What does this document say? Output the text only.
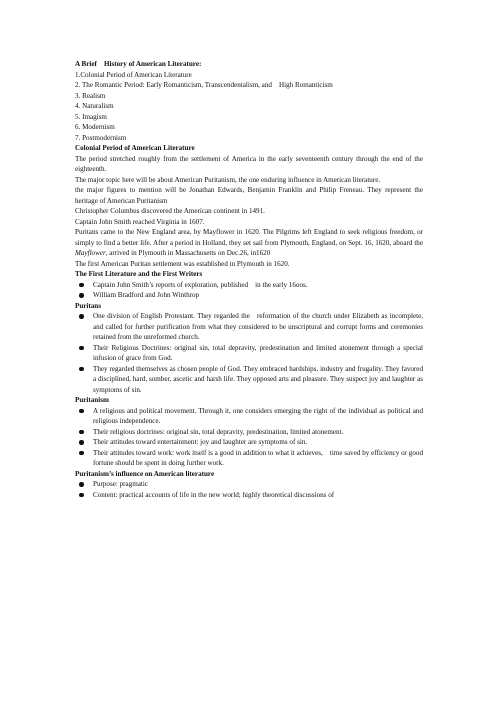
A Brief History of American Literature:
1.Colonial Period of American Literature
2. The Romantic Period: Early Romanticism, Transcendentalism, and High Romanticism
3. Realism
4. Naturalism
5. Imagism
6. Modernism
7. Postmodernism
Colonial Period of American Literature

The period stretched roughly from the settlement of America in the early seventeenth century through the end of the eighteenth.

The major topic here will be about American Puritanism, the one enduring influence in American literature.

the major figures to mention will be Jonathan Edwards, Benjamin Franklin and Philip Freneau. They represent the heritage of American Puritanism

Christopher Columbus discovered the American continent in 1491.
Captain John Smith reached Virginia in 1607.

Puritans came to the New England area, by Mayflower in 1620. The Pilgrims left England to seek religious freedom, or simply to find a better life. After a period in Holland, they set sail from Plymouth, England, on Sept. 16, 1620, aboard the Mayflower, arrived in Plymouth in Massachusetts on Dec.26, in1620

The first American Puritan settlement was established in Plymouth in 1620.
The First Literature and the First Writers
Captain John Smith’s reports of exploration, published in the early 16oos.
William Bradford and John Winthrop
Puritans
One division of English Protestant. They regarded the reformation of the church under Elizabeth as incomplete, and called for further purification from what they considered to be unscriptural and corrupt forms and ceremonies retained from the unreformed church.
Their Religious Doctrines: original sin, total depravity, predestination and limited atonement through a special infusion of grace from God.
They regarded themselves as chosen people of God. They embraced hardships, industry and frugality. They favored a disciplined, hard, somber, ascetic and harsh life. They opposed arts and pleasure. They suspect joy and laughter as symptoms of sin.
Puritanism
A religious and political movement. Through it, one considers emerging the right of the individual as political and religious independence.
Their religious doctrines: original sin, total depravity, predestination, limited atonement.
Their attitudes toward entertainment: joy and laughter are symptoms of sin.
Their attitudes toward work: work itself is a good in addition to what it achieves, time saved by efficiency or good fortune should be spent in doing further work.
Puritanism’s influence on American literature
Purpose: pragmatic
Content: practical accounts of life in the new world; highly theoretical discussions of
